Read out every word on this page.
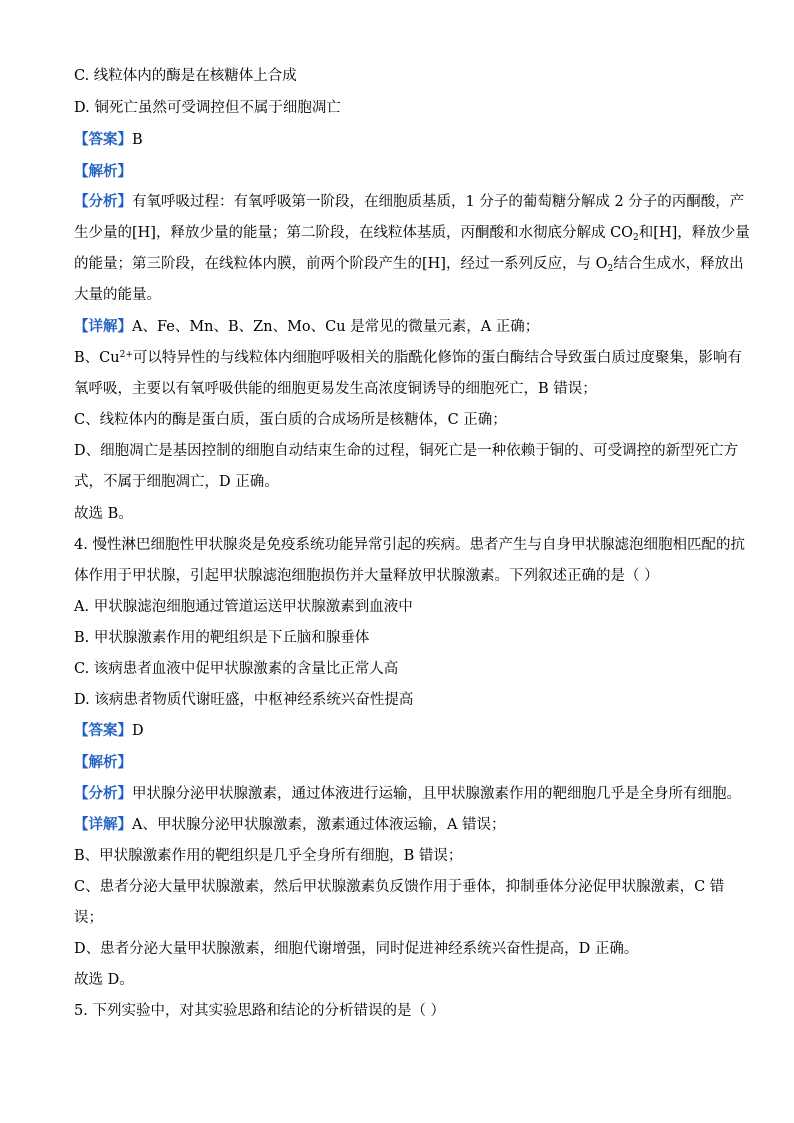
C. 线粒体内的酶是在核糖体上合成
D. 铜死亡虽然可受调控但不属于细胞凋亡
【答案】B
【解析】
【分析】有氧呼吸过程：有氧呼吸第一阶段，在细胞质基质，1 分子的葡萄糖分解成 2 分子的丙酮酸，产
生少量的[H]，释放少量的能量；第二阶段，在线粒体基质，丙酮酸和水彻底分解成 $CO_2$和[H]，释放少量
的能量；第三阶段，在线粒体内膜，前两个阶段产生的[H]，经过一系列反应，与 $O_2$结合生成水，释放出
大量的能量。
【详解】A、Fe、Mn、B、Zn、Mo、Cu 是常见的微量元素，A 正确；
B、$Cu^{2+}$可以特异性的与线粒体内细胞呼吸相关的脂酰化修饰的蛋白酶结合导致蛋白质过度聚集，影响有
氧呼吸，主要以有氧呼吸供能的细胞更易发生高浓度铜诱导的细胞死亡，B 错误；
C、线粒体内的酶是蛋白质，蛋白质的合成场所是核糖体，C 正确；
D、细胞凋亡是基因控制的细胞自动结束生命的过程，铜死亡是一种依赖于铜的、可受调控的新型死亡方
式，不属于细胞凋亡，D 正确。
故选 B。
4. 慢性淋巴细胞性甲状腺炎是免疫系统功能异常引起的疾病。患者产生与自身甲状腺滤泡细胞相匹配的抗
体作用于甲状腺，引起甲状腺滤泡细胞损伤并大量释放甲状腺激素。下列叙述正确的是（ ）
A. 甲状腺滤泡细胞通过管道运送甲状腺激素到血液中
B. 甲状腺激素作用的靶组织是下丘脑和腺垂体
C. 该病患者血液中促甲状腺激素的含量比正常人高
D. 该病患者物质代谢旺盛，中枢神经系统兴奋性提高
【答案】D
【解析】
【分析】甲状腺分泌甲状腺激素，通过体液进行运输，且甲状腺激素作用的靶细胞几乎是全身所有细胞。
【详解】A、甲状腺分泌甲状腺激素，激素通过体液运输，A 错误；
B、甲状腺激素作用的靶组织是几乎全身所有细胞，B 错误；
C、患者分泌大量甲状腺激素，然后甲状腺激素负反馈作用于垂体，抑制垂体分泌促甲状腺激素，C 错
误；
D、患者分泌大量甲状腺激素，细胞代谢增强，同时促进神经系统兴奋性提高，D 正确。
故选 D。
5. 下列实验中，对其实验思路和结论的分析错误的是（ ）
